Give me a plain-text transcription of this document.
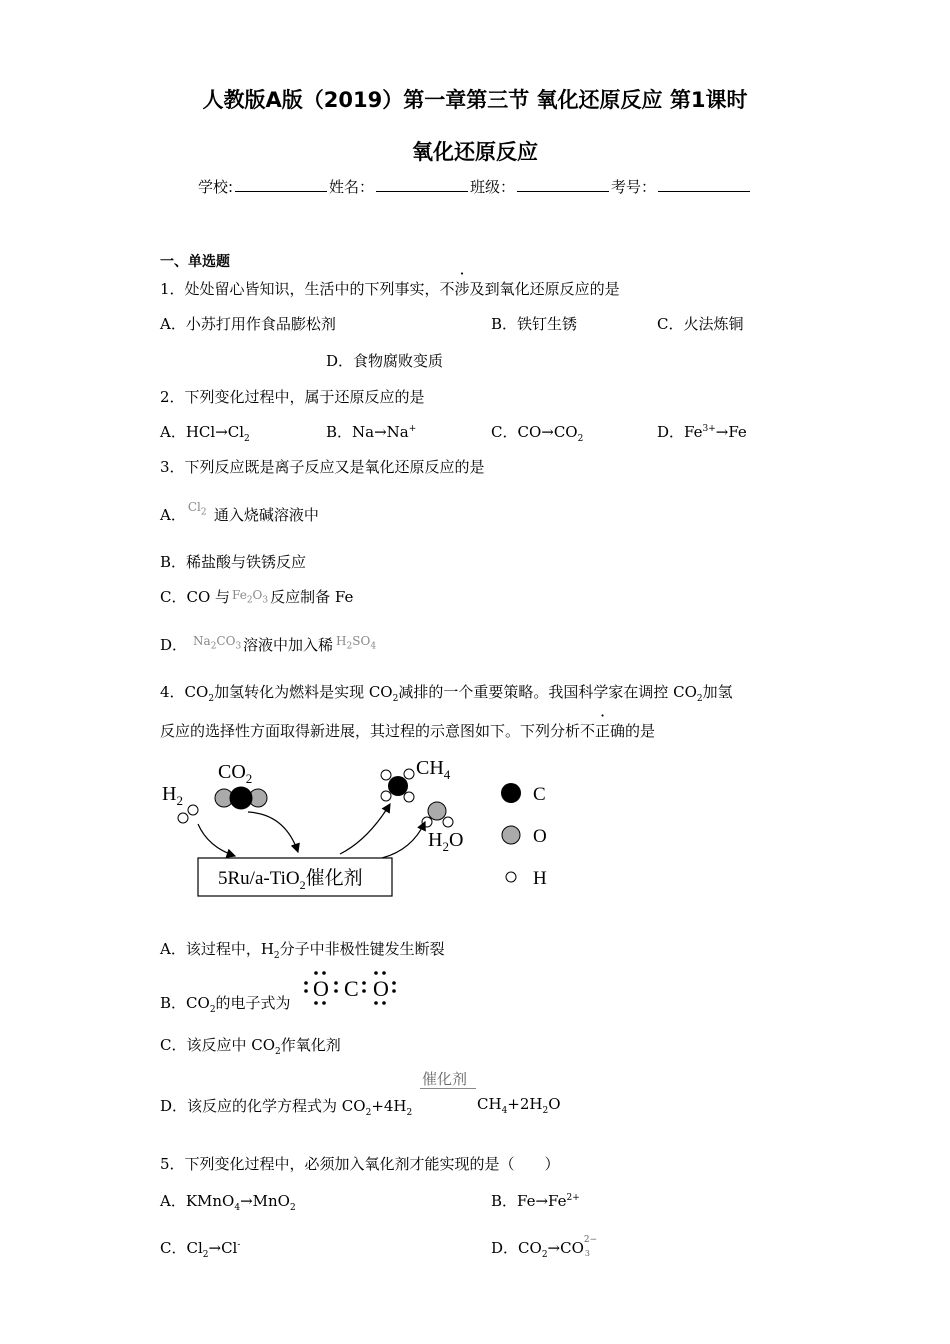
人教版A版（2019）第一章第三节 氧化还原反应 第1课时
氧化还原反应
学校:	姓名：	班级：	考号：
一、单选题
1．处处留心皆知识，生活中的下列事实，不涉及到氧化还原反应的是
A．小苏打用作食品膨松剂	B．铁钉生锈	C．火法炼铜
D．食物腐败变质
2．下列变化过程中，属于还原反应的是
A．$HCl\to Cl_2$	B．Na→Na+	C．$CO\to CO_2$	D．$Fe^{3+}\to Fe$
3．下列反应既是离子反应又是氧化还原反应的是
A． $Cl_2$ 通入烧碱溶液中
B．稀盐酸与铁锈反应
C．CO 与 $^{Fe_2O_3}$ 反应制备 Fe
D． $Na_2CO_3$ 溶液中加入稀 $H_2SO_4$
4．$CO_2$加氢转化为燃料是实现 $CO_2$减排的一个重要策略。我国科学家在调控 $CO_2$加氢
反应的选择性方面取得新进展，其过程的示意图如下。下列分析不正确的是
$H_2$
$CO_2$	$CH_4$
$H_2O$
5Ru/a-TiO$_2$催化剂
C
O
H
A．该过程中，$H_2$分子中非极性键发生断裂
B．$CO_2$的电子式为
O C O
C．该反应中 $CO_2$作氧化剂
催化剂
D．该反应的化学方程式为 $CO_2+4H_2$	$CH_4+2H_2O$
5．下列变化过程中，必须加入氧化剂才能实现的是（　　）
A．KMnO$_4$→MnO$_2$	B．$Fe\to Fe^{2+}$
C．$Cl_2\to Cl^-$	D．$CO_2\to CO$ 2−
3
